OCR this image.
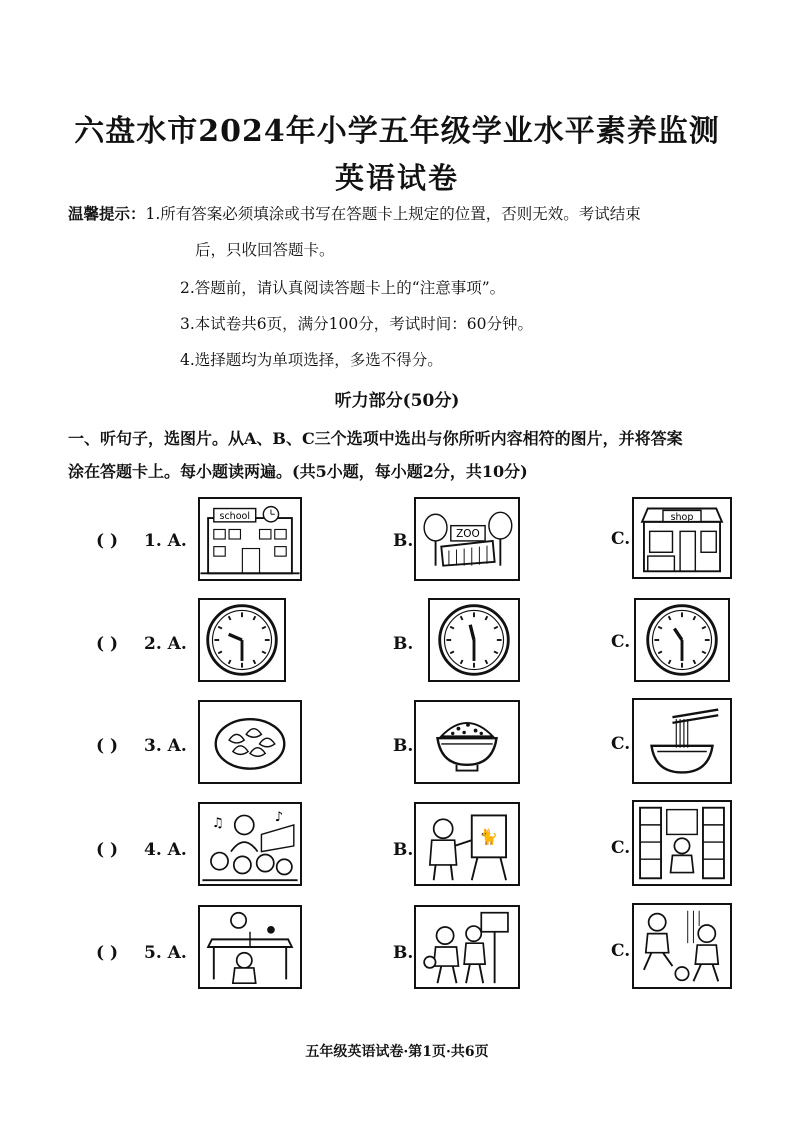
六盘水市2024年小学五年级学业水平素养监测
英语试卷
温馨提示：1.所有答案必须填涂或书写在答题卡上规定的位置，否则无效。考试结束
后，只收回答题卡。
2.答题前，请认真阅读答题卡上的“注意事项”。
3.本试卷共6页，满分100分，考试时间：60分钟。
4.选择题均为单项选择，多选不得分。
听力部分(50分)
一、听句子，选图片。从A、B、C三个选项中选出与你所听内容相符的图片，并将答案
涂在答题卡上。每小题读两遍。(共5小题，每小题2分，共10分)
( ) 1. A.
school
B.	ZOO	C.
shop
( ) 2. A.	B.	C.
( ) 3. A.	B.	C.
( ) 4. A.
♫	♪
B.
🐈
C.
( ) 5. A.	B.	C.
五年级英语试卷·第1页·共6页
